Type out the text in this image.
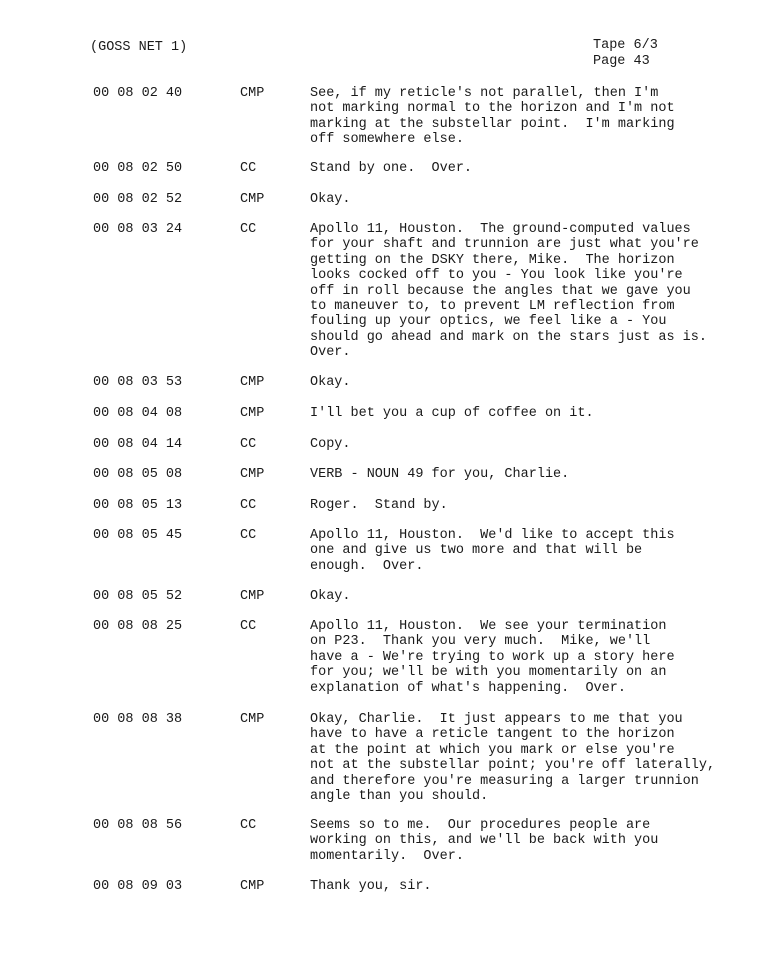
(GOSS NET 1)	Tape 6/3
Page 43
00 08 02 40	CMP	See, if my reticle's not parallel, then I'm
not marking normal to the horizon and I'm not
marking at the substellar point.  I'm marking
off somewhere else.
00 08 02 50	CC	Stand by one.  Over.
00 08 02 52	CMP	Okay.
00 08 03 24	CC	Apollo 11, Houston.  The ground-computed values
for your shaft and trunnion are just what you're
getting on the DSKY there, Mike.  The horizon
looks cocked off to you - You look like you're
off in roll because the angles that we gave you
to maneuver to, to prevent LM reflection from
fouling up your optics, we feel like a - You
should go ahead and mark on the stars just as is.
Over.
00 08 03 53	CMP	Okay.
00 08 04 08	CMP	I'll bet you a cup of coffee on it.
00 08 04 14	CC	Copy.
00 08 05 08	CMP	VERB - NOUN 49 for you, Charlie.
00 08 05 13	CC	Roger.  Stand by.
00 08 05 45	CC	Apollo 11, Houston.  We'd like to accept this
one and give us two more and that will be
enough.  Over.
00 08 05 52	CMP	Okay.
00 08 08 25	CC	Apollo 11, Houston.  We see your termination
on P23.  Thank you very much.  Mike, we'll
have a - We're trying to work up a story here
for you; we'll be with you momentarily on an
explanation of what's happening.  Over.
00 08 08 38	CMP	Okay, Charlie.  It just appears to me that you
have to have a reticle tangent to the horizon
at the point at which you mark or else you're
not at the substellar point; you're off laterally,
and therefore you're measuring a larger trunnion
angle than you should.
00 08 08 56	CC	Seems so to me.  Our procedures people are
working on this, and we'll be back with you
momentarily.  Over.
00 08 09 03	CMP	Thank you, sir.
